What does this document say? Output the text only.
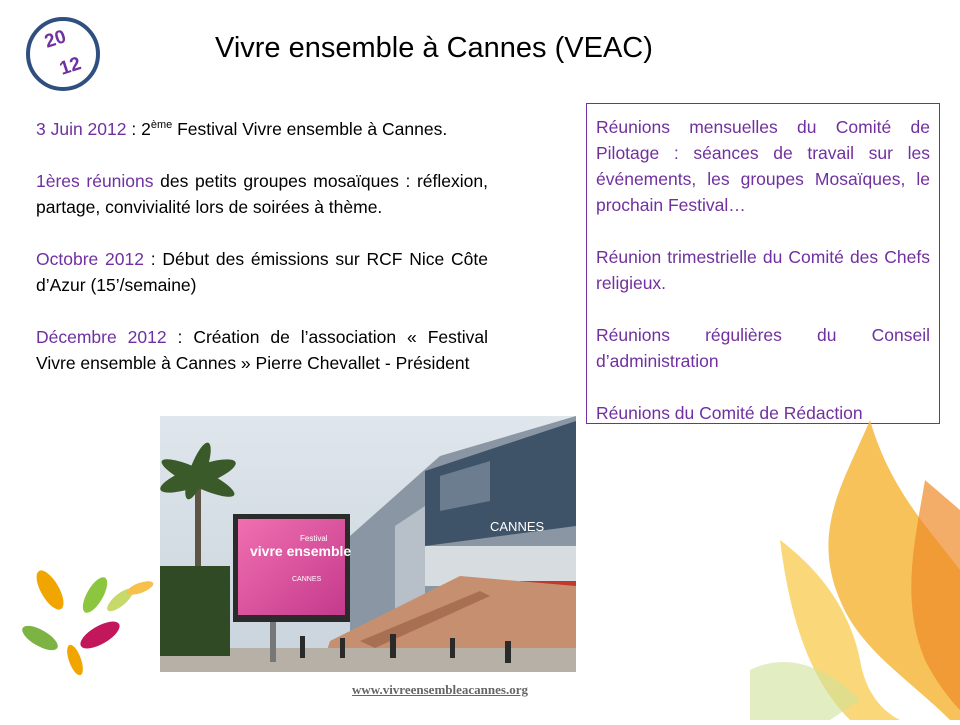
20
12
Vivre ensemble à Cannes (VEAC)

3 Juin 2012 : 2ème Festival Vivre ensemble à Cannes.

1ères réunions des petits groupes mosaïques : réflexion, partage, convivialité lors de soirées à thème.

Octobre 2012 : Début des émissions sur RCF Nice Côte d’Azur (15’/semaine)

Décembre 2012 : Création de l’association « Festival Vivre ensemble à Cannes » Pierre Chevallet - Président

Réunions mensuelles du Comité de Pilotage : séances de travail sur les événements, les groupes Mosaïques, le prochain Festival…

Réunion trimestrielle du Comité des Chefs religieux.

Réunions régulières du Conseil d’administration

Réunions du Comité de Rédaction

CANNES
vivre ensemble
Festival
CANNES
www.vivreensembleacannes.org
